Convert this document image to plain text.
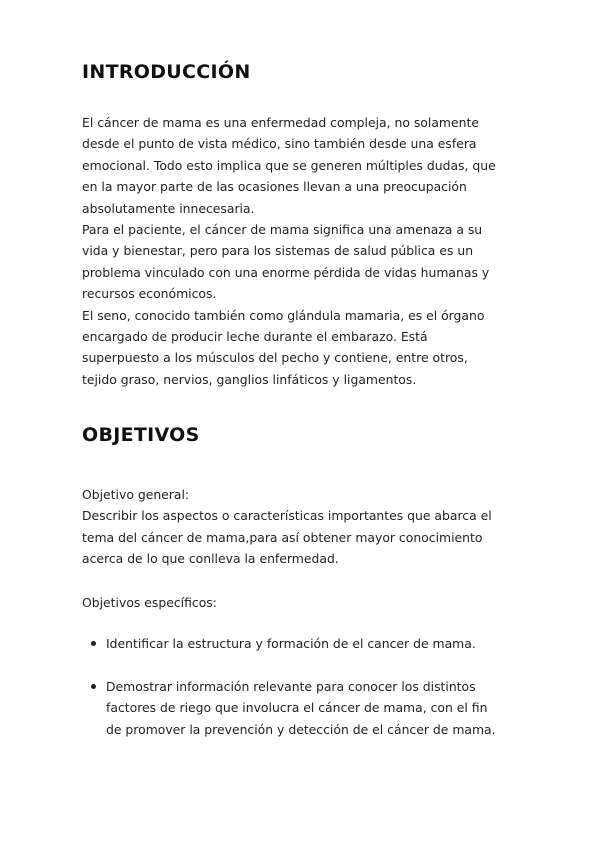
INTRODUCCIÓN

El cáncer de mama es una enfermedad compleja, no solamente
desde el punto de vista médico, sino también desde una esfera
emocional. Todo esto implica que se generen múltiples dudas, que
en la mayor parte de las ocasiones llevan a una preocupación
absolutamente innecesaria.
Para el paciente, el cáncer de mama significa una amenaza a su
vida y bienestar, pero para los sistemas de salud pública es un
problema vinculado con una enorme pérdida de vidas humanas y
recursos económicos.
El seno, conocido también como glándula mamaria, es el órgano
encargado de producir leche durante el embarazo. Está
superpuesto a los músculos del pecho y contiene, entre otros,
tejido graso, nervios, ganglios linfáticos y ligamentos.

OBJETIVOS

Objetivo general:
Describir los aspectos o características importantes que abarca el
tema del cáncer de mama,para así obtener mayor conocimiento
acerca de lo que conlleva la enfermedad.

Objetivos específicos:

Identificar la estructura y formación de el cancer de mama.
Demostrar información relevante para conocer los distintos
factores de riego que involucra el cáncer de mama, con el fin
de promover la prevención y detección de el cáncer de mama.
